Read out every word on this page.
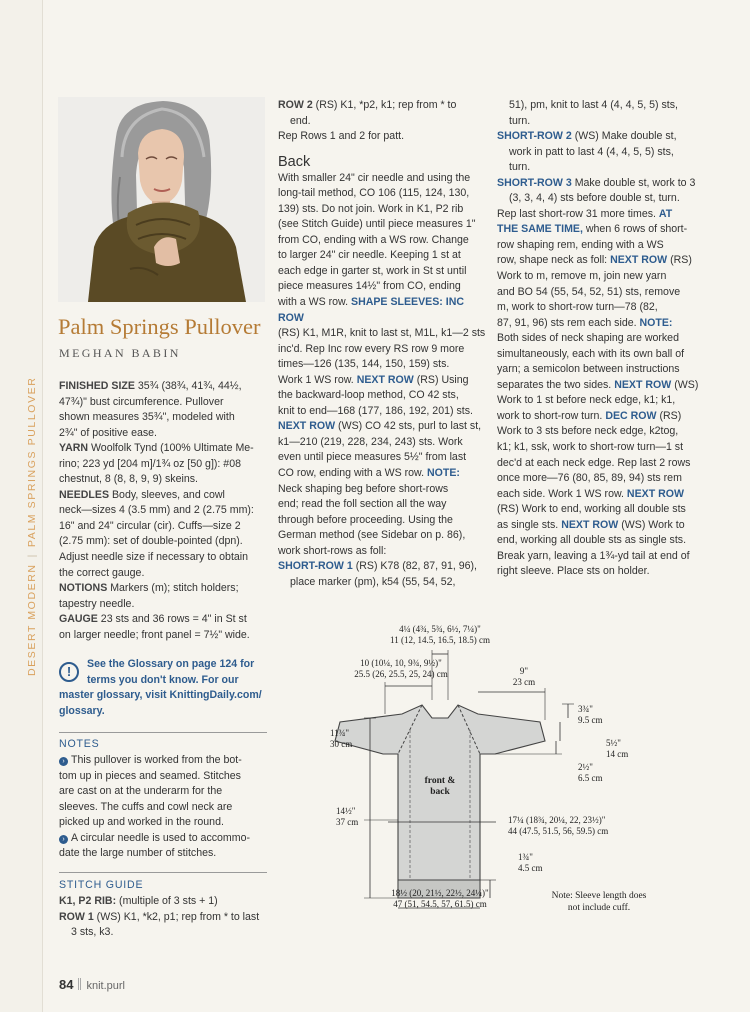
DESERT MODERN|PALM SPRINGS PULLOVER
Palm Springs Pullover
MEGHAN BABIN

FINISHED SIZE 35¾ (38¾, 41¾, 44½,
47¾)" bust circumference. Pullover
shown measures 35¾", modeled with
2¾" of positive ease.

YARN Woolfolk Tynd (100% Ultimate Me-
rino; 223 yd [204 m]/1¾ oz [50 g]): #08
chestnut, 8 (8, 8, 9, 9) skeins.

NEEDLES Body, sleeves, and cowl
neck—sizes 4 (3.5 mm) and 2 (2.75 mm):
16" and 24" circular (cir). Cuffs—size 2
(2.75 mm): set of double-pointed (dpn).
Adjust needle size if necessary to obtain
the correct gauge.

NOTIONS Markers (m); stitch holders;
tapestry needle.

GAUGE 23 sts and 36 rows = 4" in St st
on larger needle; front panel = 7½" wide.

!	See the Glossary on page 124 for
terms you don't know. For our
master glossary, visit KnittingDaily.com/
glossary.
NOTES

› This pullover is worked from the bot-
tom up in pieces and seamed. Stitches
are cast on at the underarm for the
sleeves. The cuffs and cowl neck are
picked up and worked in the round.

› A circular needle is used to accommo-
date the large number of stitches.

STITCH GUIDE

K1, P2 RIB: (multiple of 3 sts + 1)

ROW 1 (WS) K1, *k2, p1; rep from * to last
3 sts, k3.

ROW 2 (RS) K1, *p2, k1; rep from * to
end.

Rep Rows 1 and 2 for patt.

Back

With smaller 24" cir needle and using the
long-tail method, CO 106 (115, 124, 130,
139) sts. Do not join. Work in K1, P2 rib
(see Stitch Guide) until piece measures 1"
from CO, ending with a WS row. Change
to larger 24" cir needle. Keeping 1 st at
each edge in garter st, work in St st until
piece measures 14½" from CO, ending
with a WS row. SHAPE SLEEVES: INC ROW
(RS) K1, M1R, knit to last st, M1L, k1—2 sts
inc'd. Rep Inc row every RS row 9 more
times—126 (135, 144, 150, 159) sts.
Work 1 WS row. NEXT ROW (RS) Using
the backward-loop method, CO 42 sts,
knit to end—168 (177, 186, 192, 201) sts.
NEXT ROW (WS) CO 42 sts, purl to last st,
k1—210 (219, 228, 234, 243) sts. Work
even until piece measures 5½" from last
CO row, ending with a WS row. NOTE:
Neck shaping beg before short-rows
end; read the foll section all the way
through before proceeding. Using the
German method (see Sidebar on p. 86),
work short-rows as foll:

SHORT-ROW 1 (RS) K78 (82, 87, 91, 96),
place marker (pm), k54 (55, 54, 52,

51), pm, knit to last 4 (4, 4, 5, 5) sts,
turn.

SHORT-ROW 2 (WS) Make double st,
work in patt to last 4 (4, 4, 5, 5) sts,
turn.

SHORT-ROW 3 Make double st, work to 3
(3, 3, 4, 4) sts before double st, turn.

Rep last short-row 31 more times. AT
THE SAME TIME, when 6 rows of short-
row shaping rem, ending with a WS
row, shape neck as foll: NEXT ROW (RS)
Work to m, remove m, join new yarn
and BO 54 (55, 54, 52, 51) sts, remove
m, work to short-row turn—78 (82,
87, 91, 96) sts rem each side. NOTE:
Both sides of neck shaping are worked
simultaneously, each with its own ball of
yarn; a semicolon between instructions
separates the two sides. NEXT ROW (WS)
Work to 1 st before neck edge, k1; k1,
work to short-row turn. DEC ROW (RS)
Work to 3 sts before neck edge, k2tog,
k1; k1, ssk, work to short-row turn—1 st
dec'd at each neck edge. Rep last 2 rows
once more—76 (80, 85, 89, 94) sts rem
each side. Work 1 WS row. NEXT ROW
(RS) Work to end, working all double sts
as single sts. NEXT ROW (WS) Work to
end, working all double sts as single sts.
Break yarn, leaving a 1¾-yd tail at end of
right sleeve. Place sts on holder.

4¼ (4¾, 5¾, 6½, 7¼)"
11 (12, 14.5, 16.5, 18.5) cm
10 (10¼, 10, 9¾, 9½)"
25.5 (26, 25.5, 25, 24) cm	9"
23 cm
3¾"
9.5 cm
5½"
14 cm
2½"
6.5 cm
11¾"
30 cm
14½"
37 cm	17¼ (18¾, 20¼, 22, 23½)"
44 (47.5, 51.5, 56, 59.5) cm
1¾"
4.5 cm
18½ (20, 21½, 22½, 24¼)"
47 (51, 54.5, 57, 61.5) cm
front &
back
Note: Sleeve length does
not include cuff.
84 knit.purl
